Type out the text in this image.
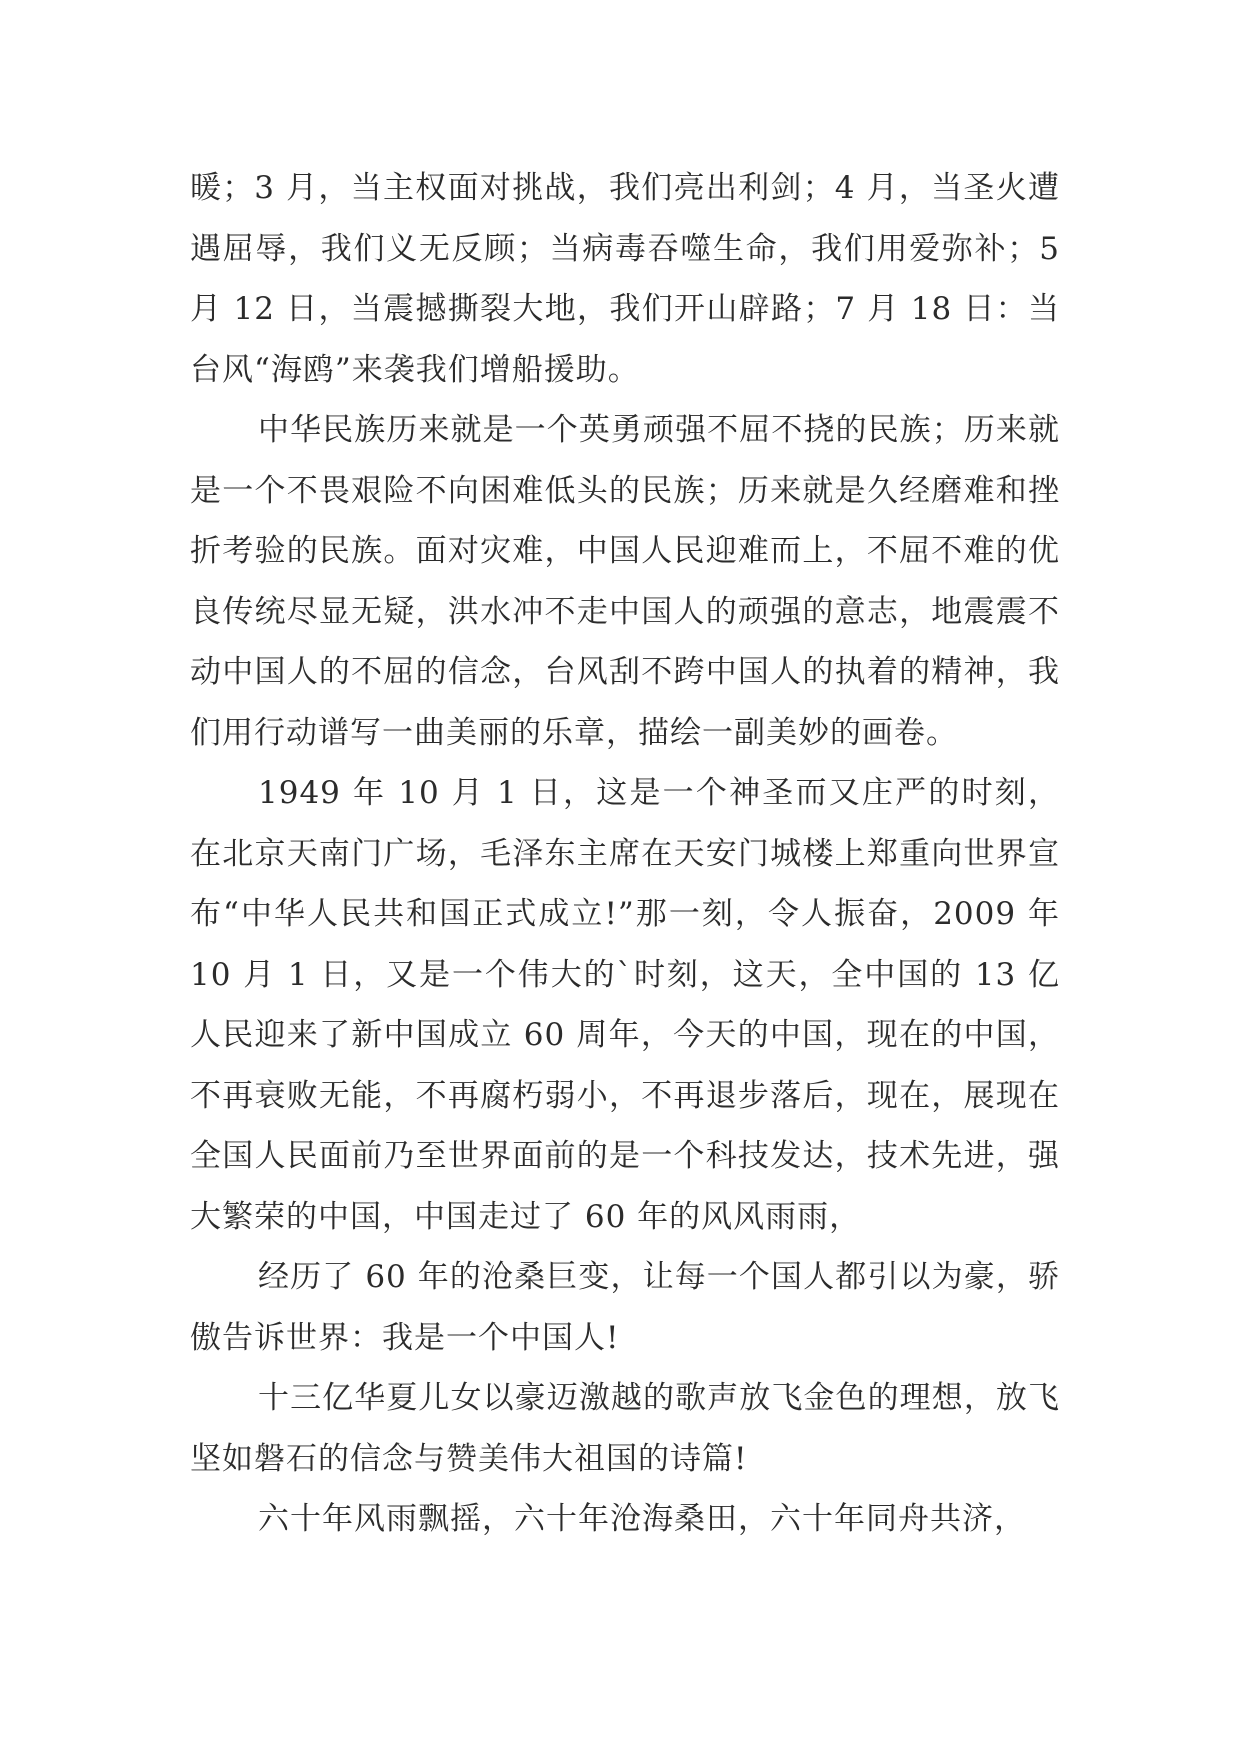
暖；3 月，当主权面对挑战，我们亮出利剑；4 月，当圣火遭遇屈辱，我们义无反顾；当病毒吞噬生命，我们用爱弥补；5 月 12 日，当震撼撕裂大地，我们开山辟路；7 月 18 日：当台风“海鸥”来袭我们增船援助。

中华民族历来就是一个英勇顽强不屈不挠的民族；历来就是一个不畏艰险不向困难低头的民族；历来就是久经磨难和挫折考验的民族。面对灾难，中国人民迎难而上，不屈不难的优良传统尽显无疑，洪水冲不走中国人的顽强的意志，地震震不动中国人的不屈的信念，台风刮不跨中国人的执着的精神，我们用行动谱写一曲美丽的乐章，描绘一副美妙的画卷。

1949 年 10 月 1 日，这是一个神圣而又庄严的时刻，在北京天南门广场，毛泽东主席在天安门城楼上郑重向世界宣布“中华人民共和国正式成立!”那一刻，令人振奋，2009 年 10 月 1 日，又是一个伟大的`时刻，这天，全中国的 13 亿人民迎来了新中国成立 60 周年，今天的中国，现在的中国，不再衰败无能，不再腐朽弱小，不再退步落后，现在，展现在全国人民面前乃至世界面前的是一个科技发达，技术先进，强大繁荣的中国，中国走过了 60 年的风风雨雨，

经历了 60 年的沧桑巨变，让每一个国人都引以为豪，骄傲告诉世界：我是一个中国人!

十三亿华夏儿女以豪迈激越的歌声放飞金色的理想，放飞坚如磐石的信念与赞美伟大祖国的诗篇!

六十年风雨飘摇，六十年沧海桑田，六十年同舟共济，
